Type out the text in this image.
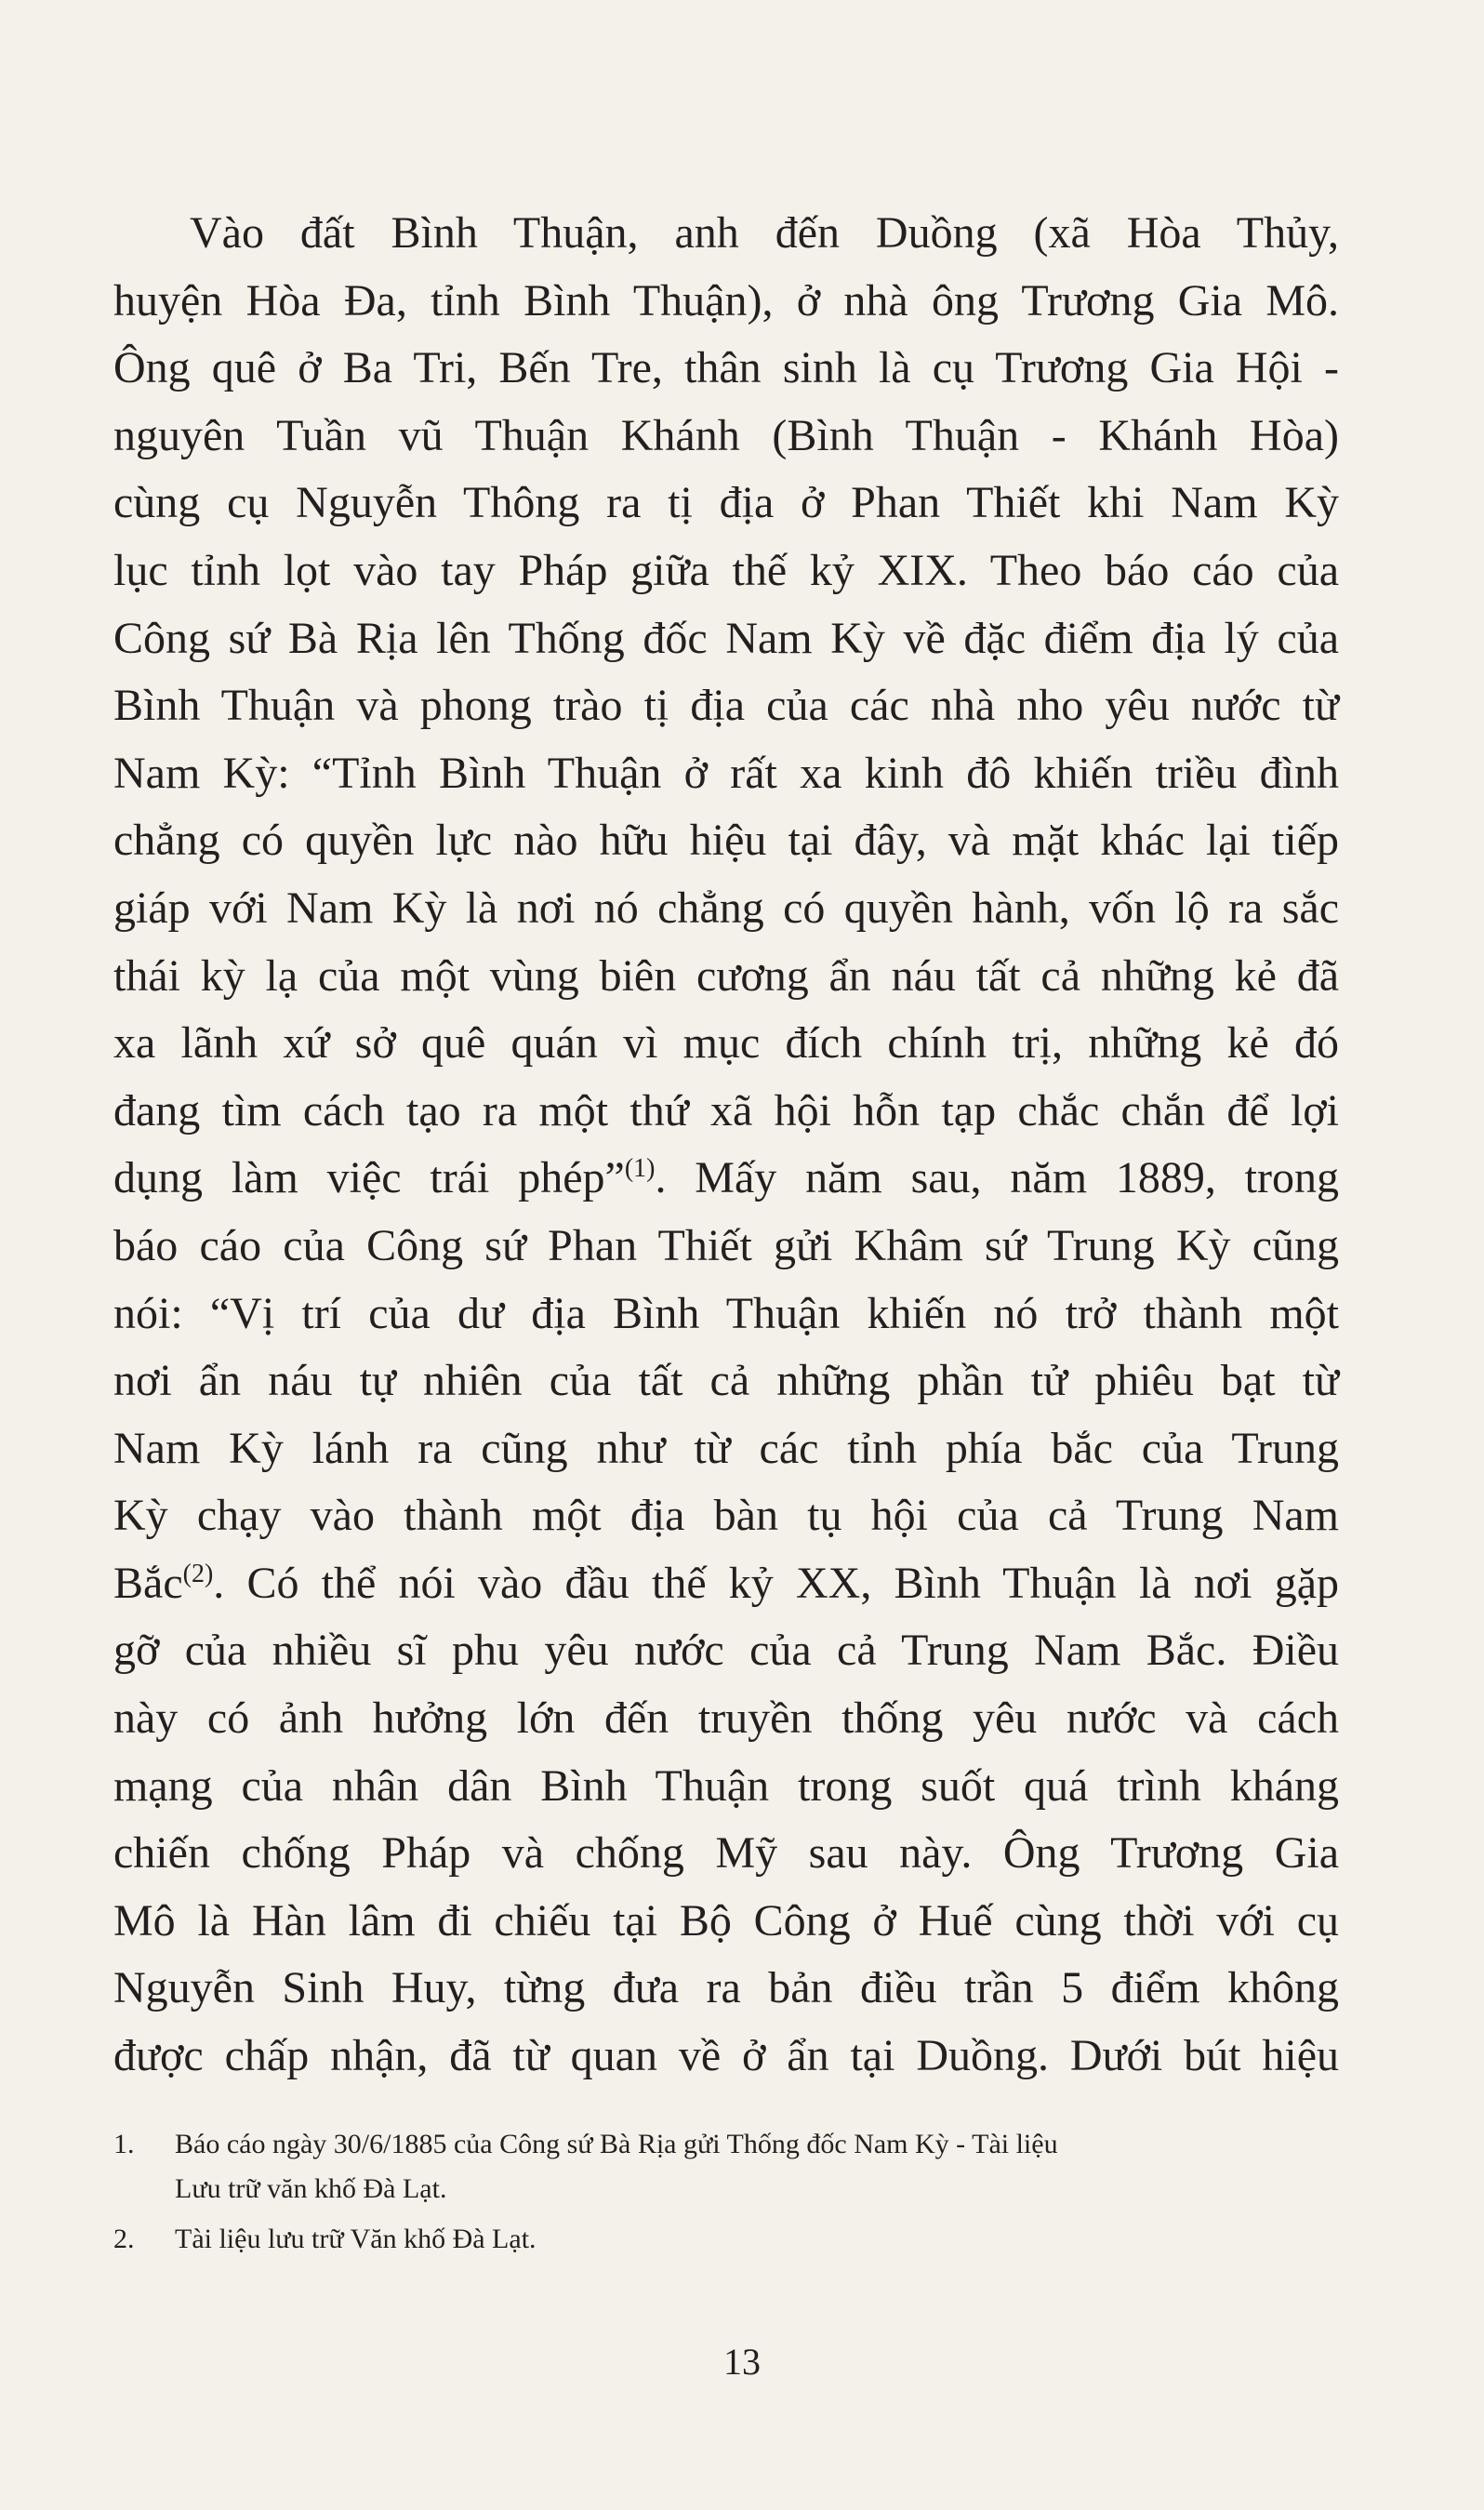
Vào đất Bình Thuận, anh đến Duồng (xã Hòa Thủy,
huyện Hòa Đa, tỉnh Bình Thuận), ở nhà ông Trương Gia Mô.
Ông quê ở Ba Tri, Bến Tre, thân sinh là cụ Trương Gia Hội -
nguyên Tuần vũ Thuận Khánh (Bình Thuận - Khánh Hòa)
cùng cụ Nguyễn Thông ra tị địa ở Phan Thiết khi Nam Kỳ
lục tỉnh lọt vào tay Pháp giữa thế kỷ XIX. Theo báo cáo của
Công sứ Bà Rịa lên Thống đốc Nam Kỳ về đặc điểm địa lý của
Bình Thuận và phong trào tị địa của các nhà nho yêu nước từ
Nam Kỳ: “Tỉnh Bình Thuận ở rất xa kinh đô khiến triều đình
chẳng có quyền lực nào hữu hiệu tại đây, và mặt khác lại tiếp
giáp với Nam Kỳ là nơi nó chẳng có quyền hành, vốn lộ ra sắc
thái kỳ lạ của một vùng biên cương ẩn náu tất cả những kẻ đã
xa lãnh xứ sở quê quán vì mục đích chính trị, những kẻ đó
đang tìm cách tạo ra một thứ xã hội hỗn tạp chắc chắn để lợi
dụng làm việc trái phép”$^{(1)}$. Mấy năm sau, năm 1889, trong
báo cáo của Công sứ Phan Thiết gửi Khâm sứ Trung Kỳ cũng
nói: “Vị trí của dư địa Bình Thuận khiến nó trở thành một
nơi ẩn náu tự nhiên của tất cả những phần tử phiêu bạt từ
Nam Kỳ lánh ra cũng như từ các tỉnh phía bắc của Trung
Kỳ chạy vào thành một địa bàn tụ hội của cả Trung Nam
Bắc$^{(2)}$. Có thể nói vào đầu thế kỷ XX, Bình Thuận là nơi gặp
gỡ của nhiều sĩ phu yêu nước của cả Trung Nam Bắc. Điều
này có ảnh hưởng lớn đến truyền thống yêu nước và cách
mạng của nhân dân Bình Thuận trong suốt quá trình kháng
chiến chống Pháp và chống Mỹ sau này. Ông Trương Gia
Mô là Hàn lâm đi chiếu tại Bộ Công ở Huế cùng thời với cụ
Nguyễn Sinh Huy, từng đưa ra bản điều trần 5 điểm không
được chấp nhận, đã từ quan về ở ẩn tại Duồng. Dưới bút hiệu
1. Báo cáo ngày 30/6/1885 của Công sứ Bà Rịa gửi Thống đốc Nam Kỳ - Tài liệu
Lưu trữ văn khố Đà Lạt.
2. Tài liệu lưu trữ Văn khố Đà Lạt.
13
